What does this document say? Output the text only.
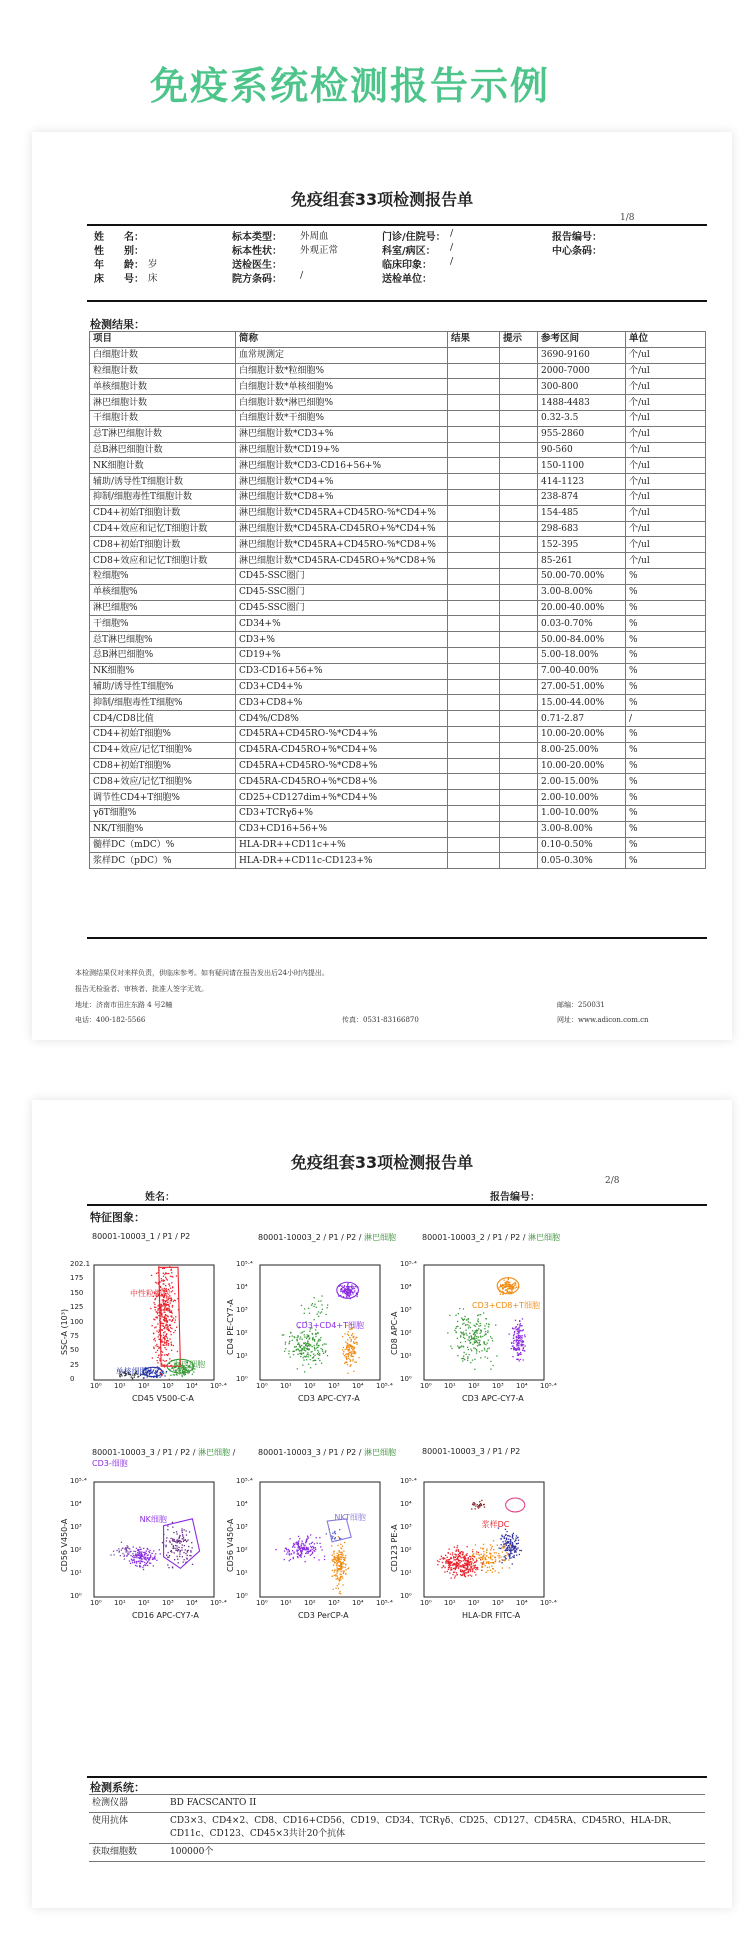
免疫系统检测报告示例
免疫组套33项检测报告单
1/8
姓　　名：	标本类型：	外周血	门诊/住院号： /	报告编号：
性　　别：	标本性状：	外观正常	科室/病区：	/	中心条码：
年　　龄： 岁	送检医生：	临床印象：	/
床　　号： 床	院方条码：	/	送检单位：
检测结果：
项目	简称	结果	提示	参考区间	单位
白细胞计数	血常规测定			3690-9160	个/ul
粒细胞计数	白细胞计数*粒细胞%			2000-7000	个/ul
单核细胞计数	白细胞计数*单核细胞%			300-800	个/ul
淋巴细胞计数	白细胞计数*淋巴细胞%			1488-4483	个/ul
干细胞计数	白细胞计数*干细胞%			0.32-3.5	个/ul
总T淋巴细胞计数	淋巴细胞计数*CD3+%			955-2860	个/ul
总B淋巴细胞计数	淋巴细胞计数*CD19+%			90-560	个/ul
NK细胞计数	淋巴细胞计数*CD3-CD16+56+%			150-1100	个/ul
辅助/诱导性T细胞计数	淋巴细胞计数*CD4+%			414-1123	个/ul
抑制/细胞毒性T细胞计数	淋巴细胞计数*CD8+%			238-874	个/ul
CD4+初始T细胞计数	淋巴细胞计数*CD45RA+CD45RO-%*CD4+%			154-485	个/ul
CD4+效应和记忆T细胞计数	淋巴细胞计数*CD45RA-CD45RO+%*CD4+%			298-683	个/ul
CD8+初始T细胞计数	淋巴细胞计数*CD45RA+CD45RO-%*CD8+%			152-395	个/ul
CD8+效应和记忆T细胞计数	淋巴细胞计数*CD45RA-CD45RO+%*CD8+%			85-261	个/ul
粒细胞%	CD45-SSC圈门			50.00-70.00%	%
单核细胞%	CD45-SSC圈门			3.00-8.00%	%
淋巴细胞%	CD45-SSC圈门			20.00-40.00%	%
干细胞%	CD34+%			0.03-0.70%	%
总T淋巴细胞%	CD3+%			50.00-84.00%	%
总B淋巴细胞%	CD19+%			5.00-18.00%	%
NK细胞%	CD3-CD16+56+%			7.00-40.00%	%
辅助/诱导性T细胞%	CD3+CD4+%			27.00-51.00%	%
抑制/细胞毒性T细胞%	CD3+CD8+%			15.00-44.00%	%
CD4/CD8比值	CD4%/CD8%			0.71-2.87	/
CD4+初始T细胞%	CD45RA+CD45RO-%*CD4+%			10.00-20.00%	%
CD4+效应/记忆T细胞%	CD45RA-CD45RO+%*CD4+%			8.00-25.00%	%
CD8+初始T细胞%	CD45RA+CD45RO-%*CD8+%			10.00-20.00%	%
CD8+效应/记忆T细胞%	CD45RA-CD45RO+%*CD8+%			2.00-15.00%	%
调节性CD4+T细胞%	CD25+CD127dim+%*CD4+%			2.00-10.00%	%
γδT细胞%	CD3+TCRγδ+%			1.00-10.00%	%
NK/T细胞%	CD3+CD16+56+%			3.00-8.00%	%
髓样DC（mDC）%	HLA-DR++CD11c++%			0.10-0.50%	%
浆样DC（pDC）%	HLA-DR++CD11c-CD123+%			0.05-0.30%	%
本检测结果仅对来样负责，供临床参考。如有疑问请在报告发出后24小时内提出。
报告无检验者、审核者、批准人签字无效。
地址：济南市田庄东路 4 号2幢	邮编：250031
电话：400-182-5566	传真：0531-83166870	网址：www.adicon.com.cn
免疫组套33项检测报告单
2/8
姓名：	报告编号：
特征图象：
80001-10003_1 / P1 / P2
中性粒细胞
淋巴细胞
单核细胞
202.1
175
150
125
100
75
50
25
0
10⁰ 10¹ 10² 10³ 10⁴ 10⁵·⁴
CD45 V500-C-A
SSC-A (10³)
80001-10003_2 / P1 / P2 / 淋巴细胞
CD3+CD4+T细胞
10⁵·⁴
10⁴
10³
10²
10¹
10⁰
10⁰ 10¹ 10² 10³ 10⁴ 10⁵·⁴
CD3 APC-CY7-A
CD4 PE-CY7-A
80001-10003_2 / P1 / P2 / 淋巴细胞
CD3+CD8+T细胞
10⁵·⁴
10⁴
10³
10²
10¹
10⁰
10⁰ 10¹ 10² 10³ 10⁴ 10⁵·⁴
CD3 APC-CY7-A
CD8 APC-A
80001-10003_3 / P1 / P2 / 淋巴细胞 /
CD3-细胞
NK细胞
10⁵·⁴
10⁴
10³
10²
10¹
10⁰
10⁰ 10¹ 10² 10³ 10⁴ 10⁵·⁴
CD16 APC-CY7-A
CD56 V450-A
80001-10003_3 / P1 / P2 / 淋巴细胞
NKT细胞
10⁵·⁴
10⁴
10³
10²
10¹
10⁰
10⁰ 10¹ 10² 10³ 10⁴ 10⁵·⁴
CD3 PerCP-A
CD56 V450-A
80001-10003_3 / P1 / P2
浆样DC
10⁵·⁴
10⁴
10³
10²
10¹
10⁰
10⁰ 10¹ 10² 10³ 10⁴ 10⁵·⁴
HLA-DR FITC-A
CD123 PE-A
检测系统：
检测仪器	BD FACSCANTO II
使用抗体	CD3×3、CD4×2、CD8、CD16+CD56、CD19、CD34、TCRγδ、CD25、CD127、CD45RA、CD45RO、HLA-DR、CD11c、CD123、CD45×3共计20个抗体
获取细胞数	100000个
